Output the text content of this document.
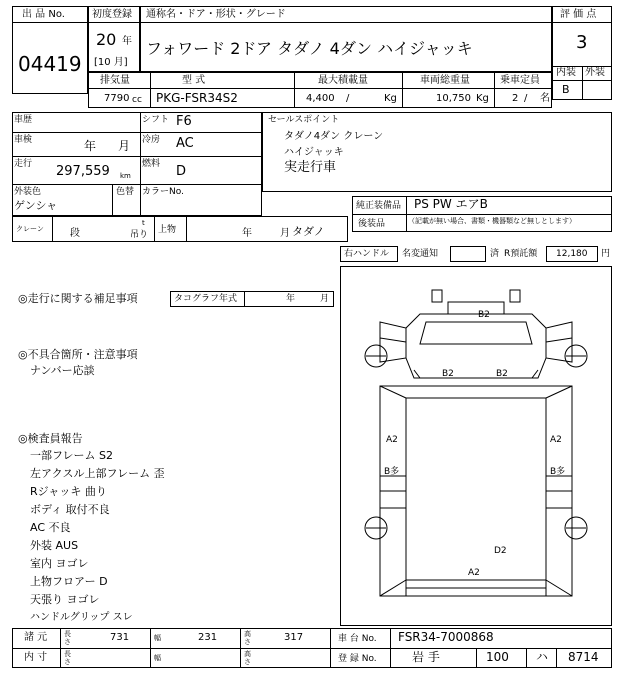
出 品 No.
04419
初度登録
20 年
[10 月]
通称名・ドア・形状・グレード
フォワード 2ドア タダノ 4ダン ハイジャッキ
評 価 点
3
内装 外装
B
排気量	型 式	最大積載量	車両総重量	乗車定員
7790 cc PKG-FSR34S2	4,400 /	Kg	10,750 Kg 2 / 名
車歴	シフト F6
車検	年 月 冷房 AC
走行 297,559 km
燃料 D
外装色
ゲンシャ
色替 カラーNo.
クレーン	段
t
吊り 上物	年	月 タダノ
セールスポイント
タダノ4ダン クレーン
ハイジャッキ
実走行車
純正装備品 PS PW エアB
後装品	（記載が無い場合、書類・機器類など無しとします）
右ハンドル 名変通知	済 R預託額 12,180 円
◎走行に関する補足事項	タコグラフ年式	年	月
◎不具合箇所・注意事項
ナンバー応談
◎検査員報告
一部フレーム S2
左アクスル上部フレーム 歪
Rジャッキ 曲り
ボディ 取付不良
AC 不良
外装 AUS
室内 ヨゴレ
上物フロアー D
天張り ヨゴレ
ハンドルグリップ スレ
B2
B2	B2
A2	A2
B多	B多
D2
A2
諸 元 長さ	731	幅	231	高さ	317	車 台 No. FSR34-7000868
内 寸 長さ	幅	高さ	登 録 No.	岩 手	100 ハ 8714
